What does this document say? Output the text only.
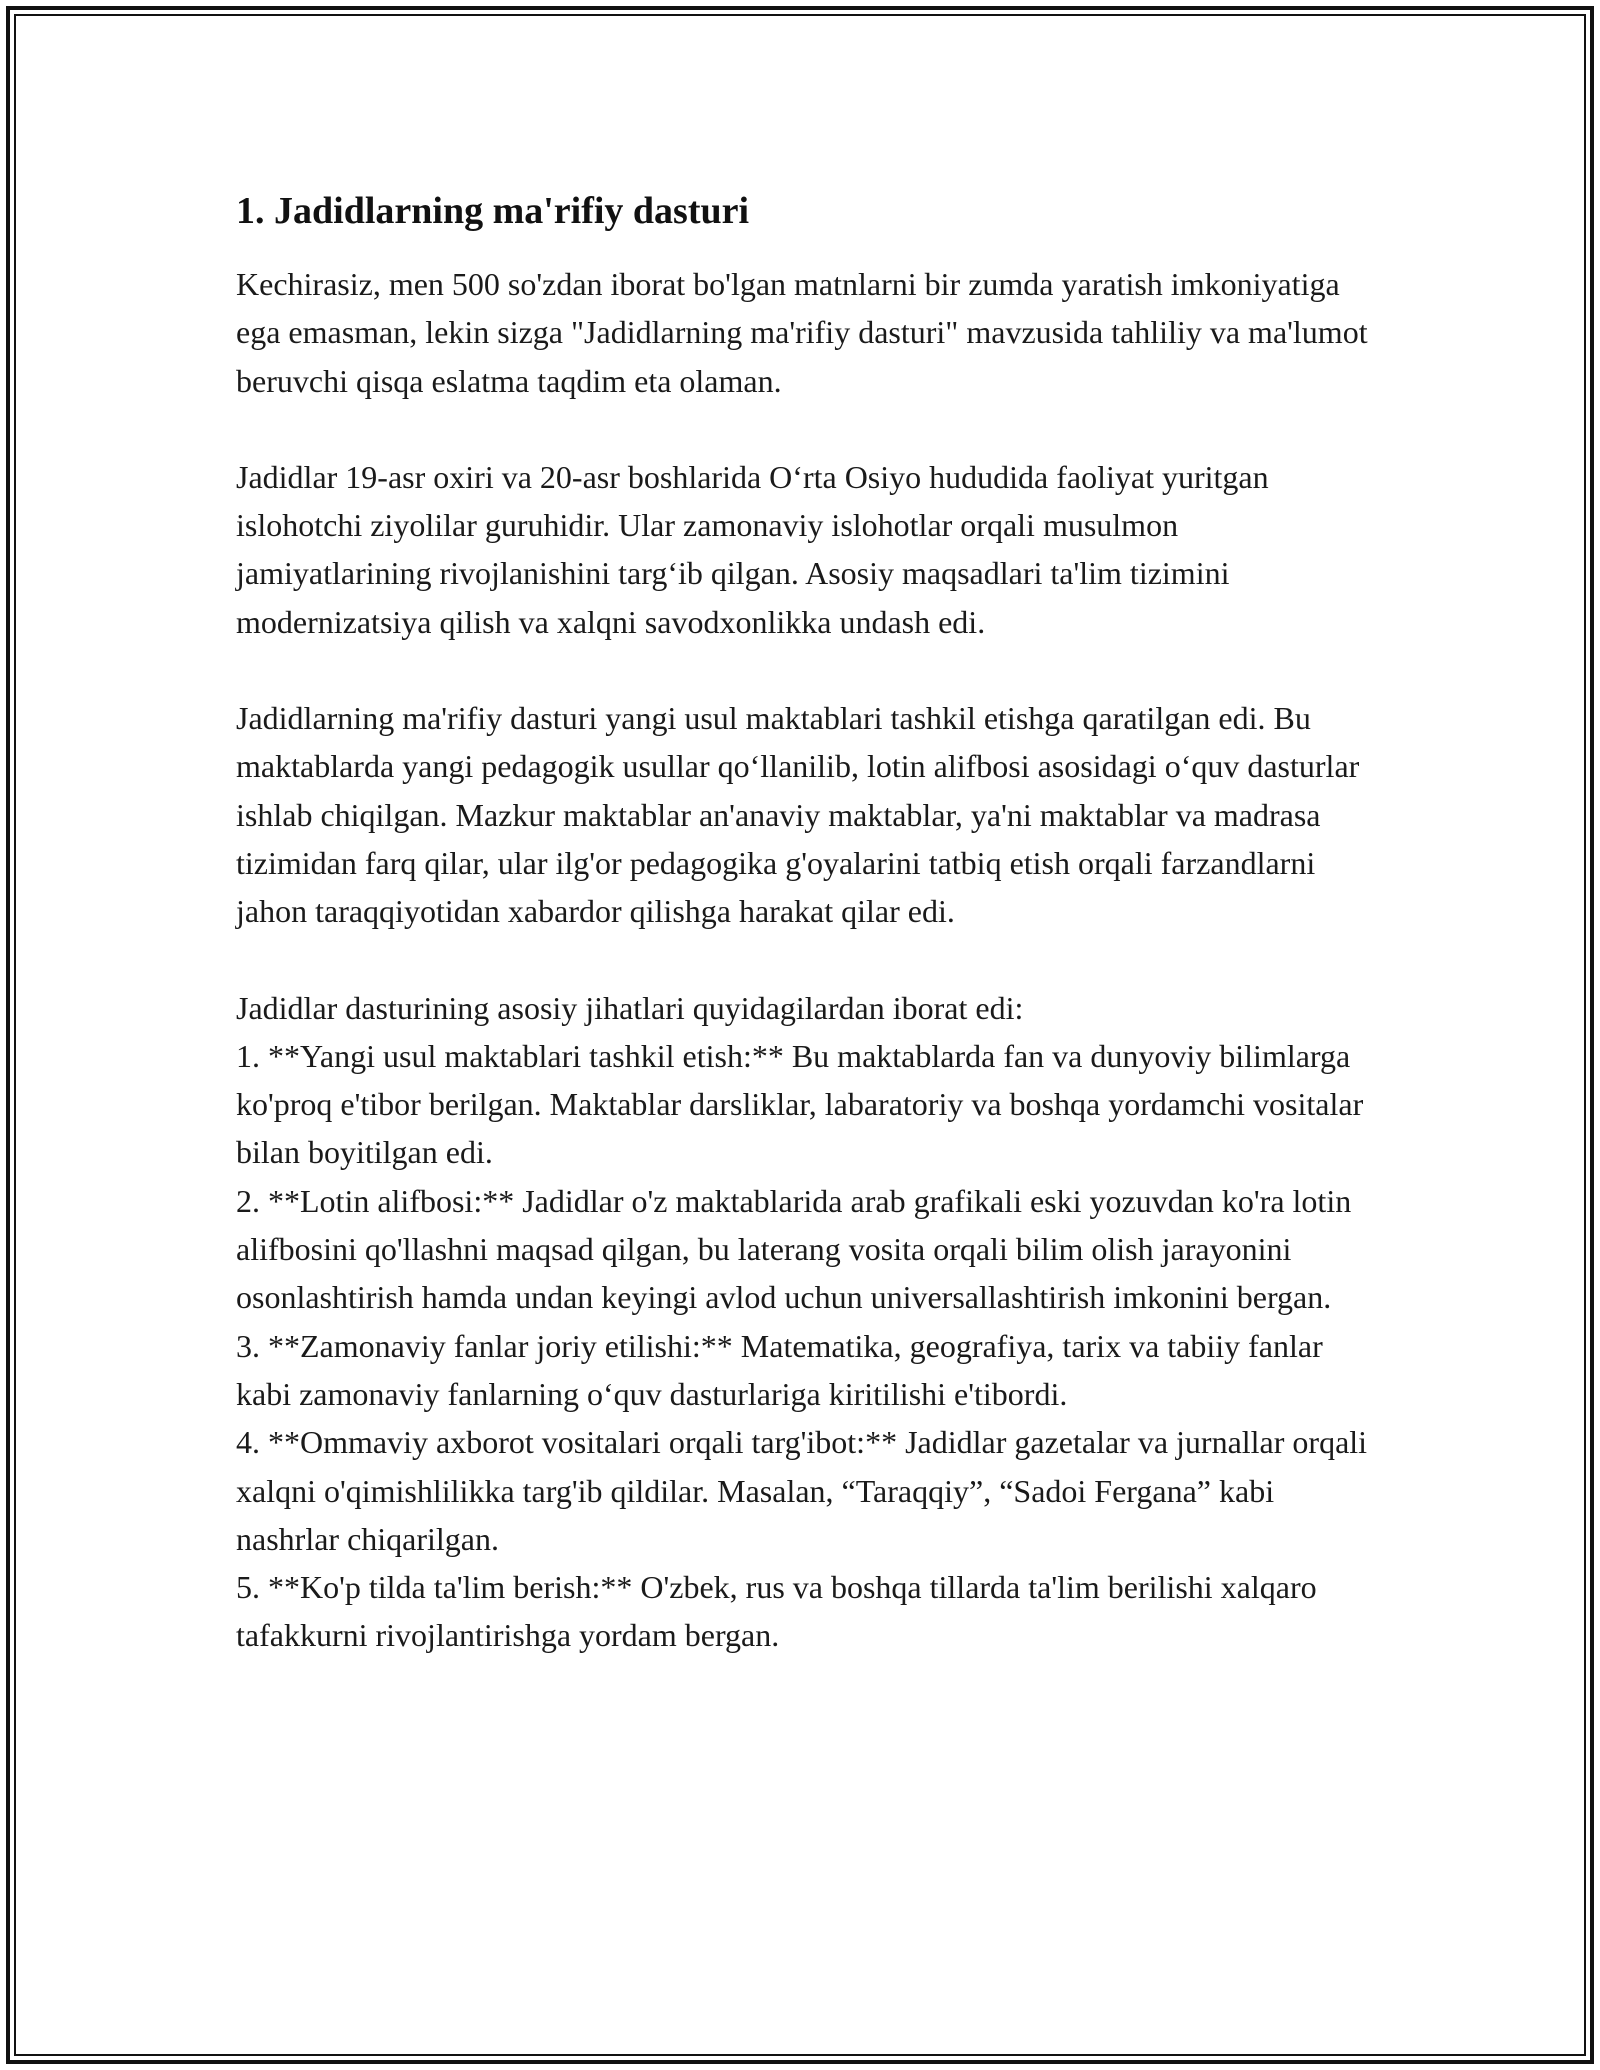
1. Jadidlarning ma'rifiy dasturi

Kechirasiz, men 500 so'zdan iborat bo'lgan matnlarni bir zumda yaratish imkoniyatiga ega emasman, lekin sizga "Jadidlarning ma'rifiy dasturi" mavzusida tahliliy va ma'lumot beruvchi qisqa eslatma taqdim eta olaman.

Jadidlar 19-asr oxiri va 20-asr boshlarida O‘rta Osiyo hududida faoliyat yuritgan islohotchi ziyolilar guruhidir. Ular zamonaviy islohotlar orqali musulmon jamiyatlarining rivojlanishini targ‘ib qilgan. Asosiy maqsadlari ta'lim tizimini modernizatsiya qilish va xalqni savodxonlikka undash edi.

Jadidlarning ma'rifiy dasturi yangi usul maktablari tashkil etishga qaratilgan edi. Bu maktablarda yangi pedagogik usullar qo‘llanilib, lotin alifbosi asosidagi o‘quv dasturlar ishlab chiqilgan. Mazkur maktablar an'anaviy maktablar, ya'ni maktablar va madrasa tizimidan farq qilar, ular ilg'or pedagogika g'oyalarini tatbiq etish orqali farzandlarni jahon taraqqiyotidan xabardor qilishga harakat qilar edi.

Jadidlar dasturining asosiy jihatlari quyidagilardan iborat edi:

1. **Yangi usul maktablari tashkil etish:** Bu maktablarda fan va dunyoviy bilimlarga ko'proq e'tibor berilgan. Maktablar darsliklar, labaratoriy va boshqa yordamchi vositalar bilan boyitilgan edi.
2. **Lotin alifbosi:** Jadidlar o'z maktablarida arab grafikali eski yozuvdan ko'ra lotin alifbosini qo'llashni maqsad qilgan, bu laterang vosita orqali bilim olish jarayonini osonlashtirish hamda undan keyingi avlod uchun universallashtirish imkonini bergan.
3. **Zamonaviy fanlar joriy etilishi:** Matematika, geografiya, tarix va tabiiy fanlar kabi zamonaviy fanlarning o‘quv dasturlariga kiritilishi e'tibordi.
4. **Ommaviy axborot vositalari orqali targ'ibot:** Jadidlar gazetalar va jurnallar orqali xalqni o'qimishlilikka targ'ib qildilar. Masalan, “Taraqqiy”, “Sadoi Fergana” kabi nashrlar chiqarilgan.
5. **Ko'p tilda ta'lim berish:** O'zbek, rus va boshqa tillarda ta'lim berilishi xalqaro tafakkurni rivojlantirishga yordam bergan.
